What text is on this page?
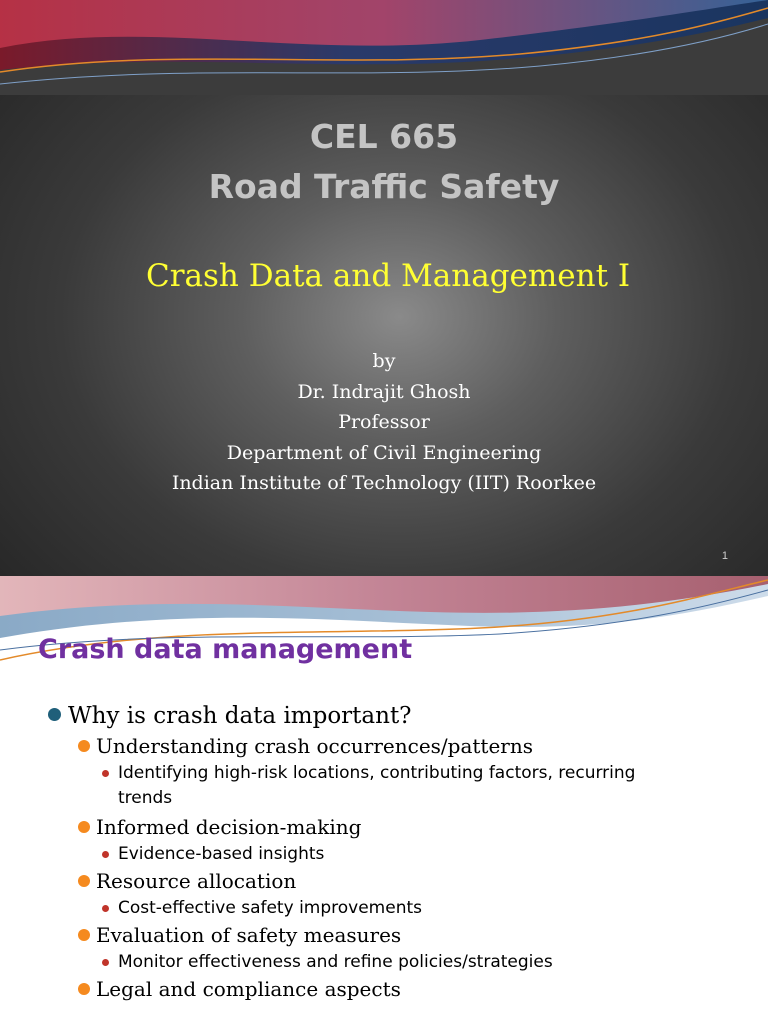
CEL 665
Road Traffic Safety
Crash Data and Management I
by
Dr. Indrajit Ghosh
Professor
Department of Civil Engineering
Indian Institute of Technology (IIT) Roorkee
1
Crash data management
Why is crash data important?
Understanding crash occurrences/patterns
Identifying high-risk locations, contributing factors, recurring trends
Informed decision-making
Evidence-based insights
Resource allocation
Cost-effective safety improvements
Evaluation of safety measures
Monitor effectiveness and refine policies/strategies
Legal and compliance aspects
